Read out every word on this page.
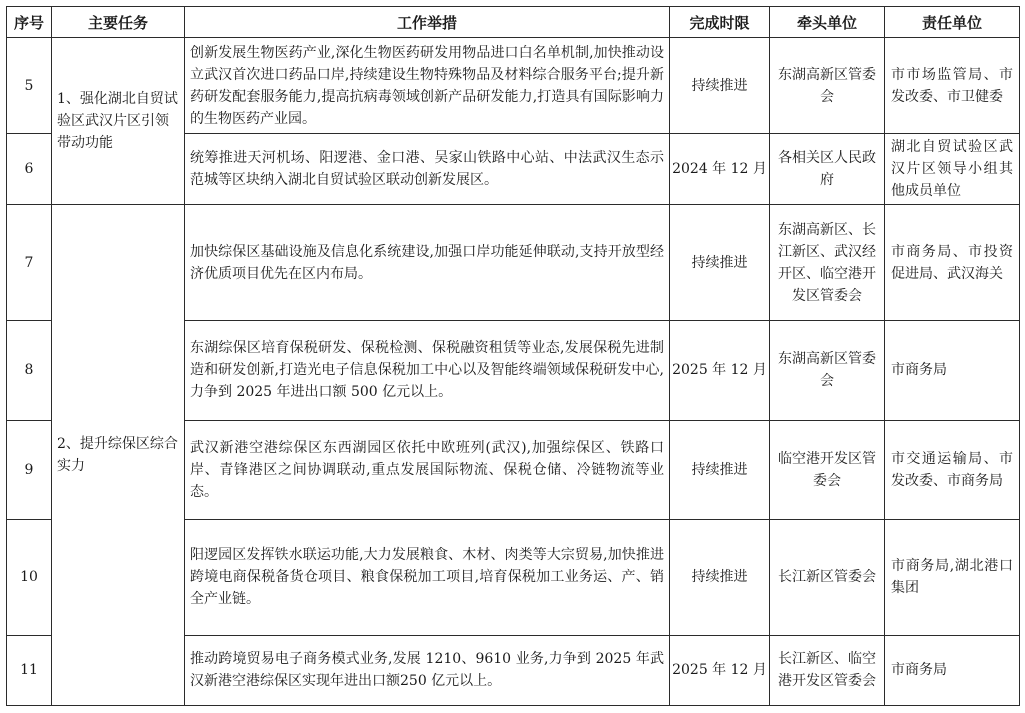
序号	主要任务	工作举措	完成时限	牵头单位	责任单位
5	1、强化湖北自贸试验区武汉片区引领带动功能	创新发展生物医药产业,深化生物医药研发用物品进口白名单机制,加快推动设立武汉首次进口药品口岸,持续建设生物特殊物品及材料综合服务平台;提升新药研发配套服务能力,提高抗病毒领域创新产品研发能力,打造具有国际影响力的生物医药产业园。	持续推进	东湖高新区管委会	市市场监管局、市发改委、市卫健委
6		统筹推进天河机场、阳逻港、金口港、吴家山铁路中心站、中法武汉生态示范城等区块纳入湖北自贸试验区联动创新发展区。	2024 年 12 月	各相关区人民政府	湖北自贸试验区武汉片区领导小组其他成员单位
7	2、提升综保区综合实力	加快综保区基础设施及信息化系统建设,加强口岸功能延伸联动,支持开放型经济优质项目优先在区内布局。	持续推进	东湖高新区、长江新区、武汉经开区、临空港开发区管委会	市商务局、市投资促进局、武汉海关
8		东湖综保区培育保税研发、保税检测、保税融资租赁等业态,发展保税先进制造和研发创新,打造光电子信息保税加工中心以及智能终端领域保税研发中心,力争到 2025 年进出口额 500 亿元以上。	2025 年 12 月	东湖高新区管委会	市商务局
9		武汉新港空港综保区东西湖园区依托中欧班列(武汉),加强综保区、铁路口岸、青锋港区之间协调联动,重点发展国际物流、保税仓储、冷链物流等业态。	持续推进	临空港开发区管委会	市交通运输局、市发改委、市商务局
10		阳逻园区发挥铁水联运功能,大力发展粮食、木材、肉类等大宗贸易,加快推进跨境电商保税备货仓项目、粮食保税加工项目,培育保税加工业务运、产、销全产业链。	持续推进	长江新区管委会	市商务局,湖北港口集团
11		推动跨境贸易电子商务模式业务,发展 1210、9610 业务,力争到 2025 年武汉新港空港综保区实现年进出口额250 亿元以上。	2025 年 12 月	长江新区、临空港开发区管委会	市商务局
